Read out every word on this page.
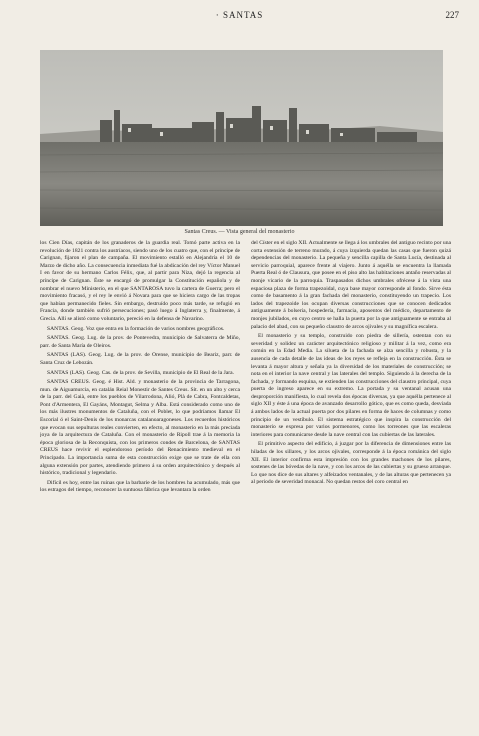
· SANTAS	227
Santas Creus. — Vista general del monasterio

los Cien Días, capitán de los granaderos de la guardia real. Tomó parte activa en la revolución de 1821 contra los austríacos, siendo uno de los cuatro que, con el príncipe de Carignan, fijaron el plan de campaña. El movimiento estalló en Alejandría el 10 de Marzo de dicho año. La consecuencia inmediata fué la abdicación del rey Víctor Manuel I en favor de su hermano Carlos Félix, que, al partir para Niza, dejó la regencia al príncipe de Carignan. Éste se encargó de promulgar la Constitución española y de nombrar el nuevo Ministerio, en el que SANTAROSA tuvo la cartera de Guerra; pero el movimiento fracasó, y el rey le envió á Novara para que se hiciera cargo de las tropas que habían permanecido fieles. Sin embargo, destruído poco más tarde, se refugió en Francia, donde también sufrió persecuciones; pasó luego á Inglaterra y, finalmente, á Grecia. Allí se alistó como voluntario, pereció en la defensa de Navarino.

SANTAS. Geog. Voz que entra en la formación de varios nombres geográficos.

SANTAS. Geog. Lug. de la prov. de Pontevedra, municipio de Salvaterra de Miño, parr. de Santa María de Oleiros.

SANTAS (LAS). Geog. Lug. de la prov. de Orense, municipio de Beariz, parr. de Santa Cruz de Lebozán.

SANTAS (LAS). Geog. Cas. de la prov. de Sevilla, municipio de El Real de la Jara.

SANTAS CREUS. Geog. é Hist. Ald. y monasterio de la provincia de Tarragona, mun. de Aiguamurcia, en catalán Reial Monestir de Santes Creus. Sit. en un alto y cerca de la parr. del Gaià, entre los pueblos de Vilarrodona, Alió, Plà de Cabra, Fontcaldetas, Pont d'Armentera, El Gayáns, Montagut, Selma y Alba. Está considerado como uno de los más ilustres monumentos de Cataluña, con el Poblet, lo que podríamos llamar El Escorial ó el Saint-Denis de los monarcas catalanoaragoneses. Los recuerdos históricos que evocan sus sepulturas reales convierten, en efecto, al monasterio en la más preciada joya de la arquitectura de Cataluña. Con el monasterio de Ripoll trae á la memoria la época gloriosa de la Reconquista, con los primeros condes de Barcelona, de SANTAS CREUS hace revivir el esplendoroso período del Renacimiento medieval en el Principado. La importancia suma de esta construcción exige que se trate de ella con alguna extensión por partes, atendiendo primero á su orden arquitectónico y después al histórico, tradicional y legendario.

Difícil es hoy, entre las ruinas que la barbarie de los hombres ha acumulado, más que los estragos del tiempo, reconocer la suntuosa fábrica que levantara la orden

del Císter en el siglo XII. Actualmente se llega á los umbrales del antiguo recinto por una corta extensión de terreno murado, á cuya izquierda quedan las casas que fueron quizá dependencias del monasterio. La pequeña y sencilla capilla de Santa Lucía, destinada al servicio parroquial, aparece frente al viajero. Junto á aquélla se encuentra la llamada Puerta Real ó de Clausura, que posee en el piso alto las habitaciones antaño reservadas al monje vicario de la parroquia. Traspasados dichos umbrales ofrécese á la vista una espaciosa plaza de forma trapezoidal, cuya base mayor corresponde al fondo. Sirve ésta como de basamento á la gran fachada del monasterio, constituyendo un trapecio. Los lados del trapezoide los ocupan diversas construcciones que se conocen dedicados antiguamente á bolsería, hospedería, farmacia, aposentos del médico, departamento de monjes jubilados, en cuyo centro se halla la puerta por la que antiguamente se entraba al palacio del abad, con su pequeño claustro de arcos ojivales y su magnífica escalera.

El monasterio y su templo, construido con piedra de sillería, ostentan con su severidad y solidez un carácter arquitectónico religioso y militar á la vez, como era común en la Edad Media. La silueta de la fachada se alza sencilla y robusta, y la ausencia de cada detalle de las ideas de los reyes se refleja en la construcción. Ésta se levanta á mayor altura y señala ya la diversidad de los materiales de construcción; se nota en el interior la nave central y las laterales del templo. Siguiendo á la derecha de la fachada, y formando esquina, se extienden las construcciones del claustro principal, cuya puerta de ingreso aparece en su extremo. La portada y su ventanal acusan una desproporción manifiesta, lo cual revela dos épocas diversas, ya que aquélla pertenece al siglo XII y éste á una época de avanzado desarrollo gótico, que es como queda, desviada á ambos lados de la actual puerta por dos pilares en forma de haces de columnas y como principio de un vestíbulo. El sistema estratégico que inspira la construcción del monasterio se expresa por varios pormenores, como los torreones que las escaleras interiores para comunicarse desde la nave central con las cubiertas de las laterales.

El primitivo aspecto del edificio, á juzgar por la diferencia de dimensiones entre las hiladas de los sillares, y los arcos ojivales, corresponde á la época románica del siglo XII. El interior confirma esta impresión con los grandes machones de los pilares, sostenes de las bóvedas de la nave, y con los arcos de las cubiertas y su grueso arranque. Lo que nos dice de sus altares y alfeizados ventanales, y de las alturas que pertenecen ya al periodo de severidad monacal. No quedan restos del coro central en
